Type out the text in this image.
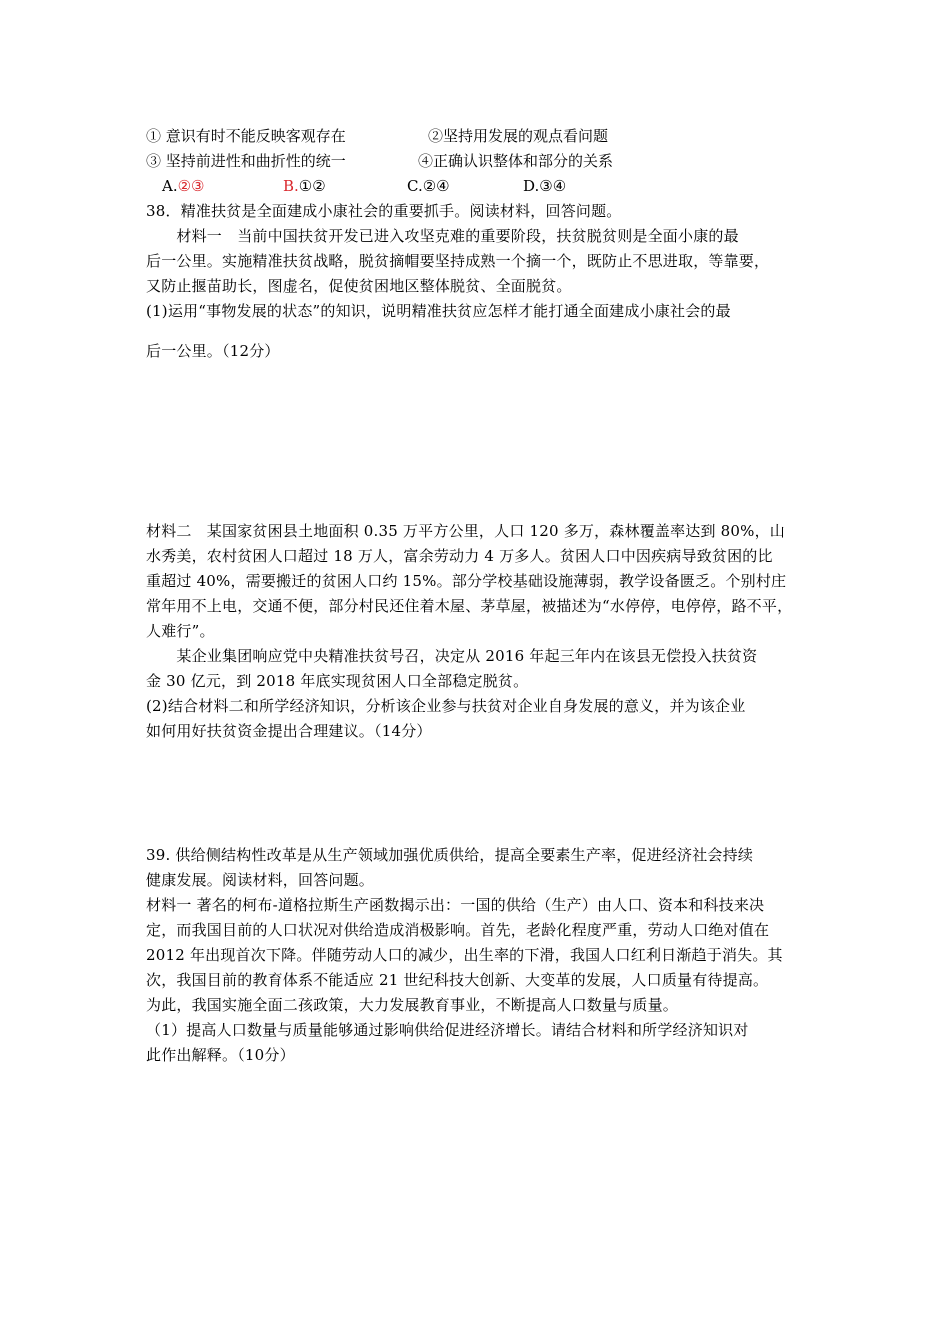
① 意识有时不能反映客观存在	②坚持用发展的观点看问题
③ 坚持前进性和曲折性的统一	④正确认识整体和部分的关系
A.②③	B.①②	C.②④	D.③④
38．精准扶贫是全面建成小康社会的重要抓手。阅读材料，回答问题。
　　材料一　当前中国扶贫开发已进入攻坚克难的重要阶段，扶贫脱贫则是全面小康的最
后一公里。实施精准扶贫战略，脱贫摘帽要坚持成熟一个摘一个，既防止不思进取，等靠要，
又防止揠苗助长，图虚名，促使贫困地区整体脱贫、全面脱贫。
(1)运用“事物发展的状态”的知识，说明精准扶贫应怎样才能打通全面建成小康社会的最
后一公里。（12分）
材料二　某国家贫困县土地面积 0.35 万平方公里，人口 120 多万，森林覆盖率达到 80%，山
水秀美，农村贫困人口超过 18 万人，富余劳动力 4 万多人。贫困人口中因疾病导致贫困的比
重超过 40%，需要搬迁的贫困人口约 15%。部分学校基础设施薄弱，教学设备匮乏。个别村庄
常年用不上电，交通不便，部分村民还住着木屋、茅草屋，被描述为“水停停，电停停，路不平，
人难行”。
　　某企业集团响应党中央精准扶贫号召，决定从 2016 年起三年内在该县无偿投入扶贫资
金 30 亿元，到 2018 年底实现贫困人口全部稳定脱贫。
(2)结合材料二和所学经济知识，分析该企业参与扶贫对企业自身发展的意义，并为该企业
如何用好扶贫资金提出合理建议。（14分）
39. 供给侧结构性改革是从生产领域加强优质供给，提高全要素生产率，促进经济社会持续
健康发展。阅读材料，回答问题。
材料一 著名的柯布-道格拉斯生产函数揭示出：一国的供给（生产）由人口、资本和科技来决
定，而我国目前的人口状况对供给造成消极影响。首先，老龄化程度严重，劳动人口绝对值在
2012 年出现首次下降。伴随劳动人口的减少，出生率的下滑，我国人口红利日渐趋于消失。其
次，我国目前的教育体系不能适应 21 世纪科技大创新、大变革的发展，人口质量有待提高。
为此，我国实施全面二孩政策，大力发展教育事业，不断提高人口数量与质量。
（1）提高人口数量与质量能够通过影响供给促进经济增长。请结合材料和所学经济知识对
此作出解释。（10分）
